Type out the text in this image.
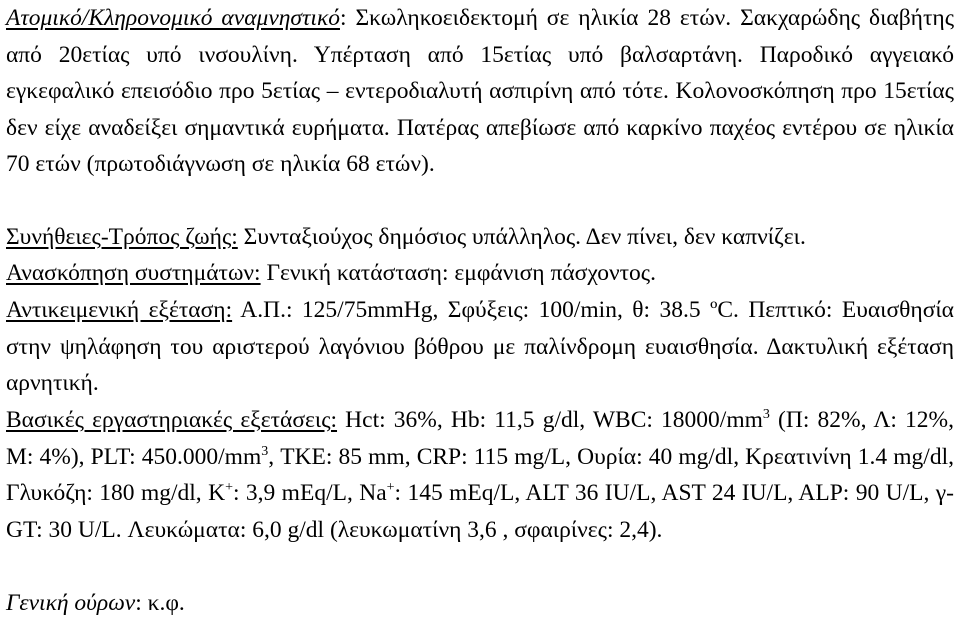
Ατομικό/Κληρονομικό αναμνηστικό: Σκωληκοειδεκτομή σε ηλικία 28 ετών. Σακχαρώδης διαβήτης από 20ετίας υπό ινσουλίνη. Υπέρταση από 15ετίας υπό βαλσαρτάνη. Παροδικό αγγειακό εγκεφαλικό επεισόδιο προ 5ετίας – εντεροδιαλυτή ασπιρίνη από τότε. Κολονοσκόπηση προ 15ετίας δεν είχε αναδείξει σημαντικά ευρήματα. Πατέρας απεβίωσε από καρκίνο παχέος εντέρου σε ηλικία 70 ετών (πρωτοδιάγνωση σε ηλικία 68 ετών).
Συνήθειες-Τρόπος ζωής: Συνταξιούχος δημόσιος υπάλληλος. Δεν πίνει, δεν καπνίζει.
Ανασκόπηση συστημάτων: Γενική κατάσταση: εμφάνιση πάσχοντος.
Αντικειμενική εξέταση: Α.Π.: 125/75mmHg, Σφύξεις: 100/min, θ: 38.5 ºC. Πεπτικό: Ευαισθησία στην ψηλάφηση του αριστερού λαγόνιου βόθρου με παλίνδρομη ευαισθησία. Δακτυλική εξέταση αρνητική.
Βασικές εργαστηριακές εξετάσεις: Hct: 36%, Hb: 11,5 g/dl, WBC: $18000/mm^3$ (Π: 82%, Λ: 12%, Μ: 4%), PLT: $450.000/mm^3$, ΤΚΕ: 85 mm, CRP: 115 mg/L, Ουρία: 40 mg/dl, Κρεατινίνη 1.4 mg/dl, Γλυκόζη: 180 mg/dl, K+: 3,9 mEq/L, Na+: 145 mEq/L, ALT 36 IU/L, AST 24 IU/L, ALP: 90 U/L, γ-GT: 30 U/L. Λευκώματα: 6,0 g/dl (λευκωματίνη 3,6 , σφαιρίνες: 2,4).
Γενική ούρων: κ.φ.
